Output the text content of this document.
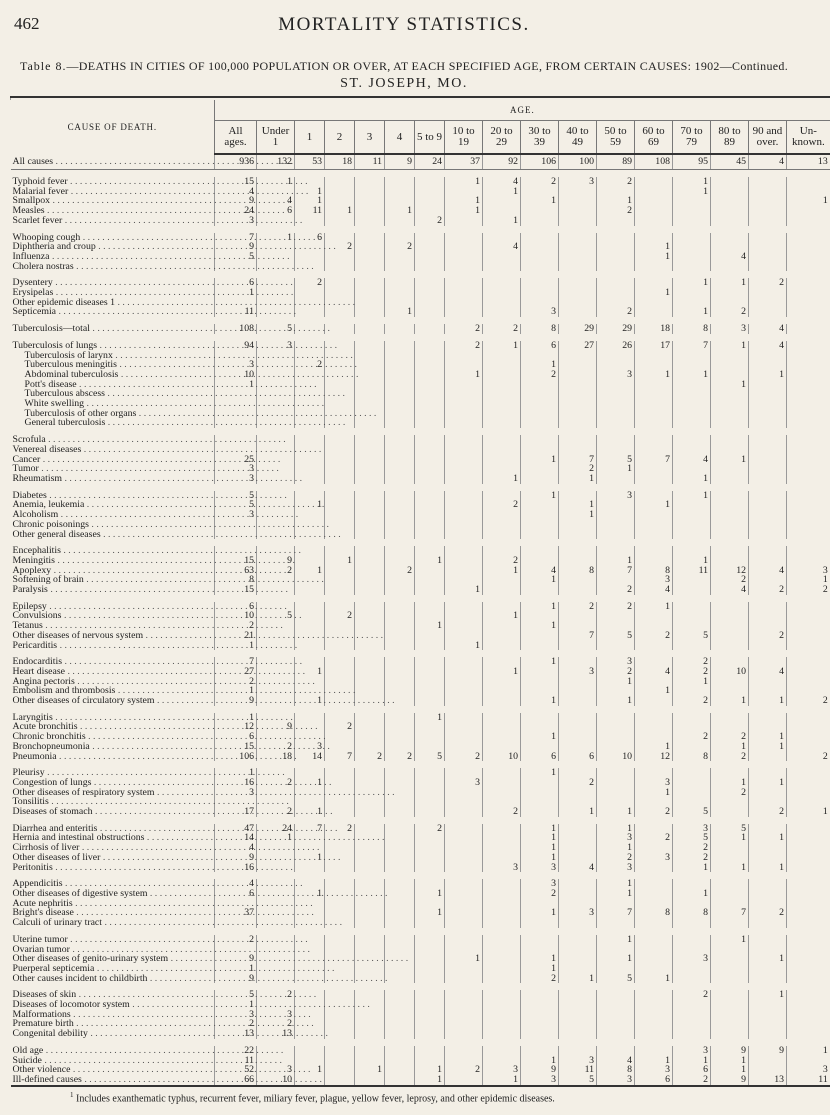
462	MORTALITY STATISTICS.
Table 8.—DEATHS IN CITIES OF 100,000 POPULATION OR OVER, AT EACH SPECIFIED AGE, FROM CERTAIN CAUSES: 1902—Continued.
ST. JOSEPH, MO.

CAUSE OF DEATH.	AGE.																
	All ages.	Under 1	1	2	3	4	5 to 9	10 to 19	20 to 29	30 to 39	40 to 49	50 to 59	60 to 69	70 to 79	80 to 89	90 and over.	Un-known.
All causes . . .	936	132	53	18	11	9	24	37	92	106	100	89	108	95	45	4	13

Typhoid fever . . .	15	1						1	4	2	3	2		1			
Malarial fever . . .	4		1						1					1			
Smallpox . . .	9	4	1					1		1		1					1
Measles . . .	24	6	11	1		1		1				2					
Scarlet fever . . .	3						2		1								

Whooping cough . . .	7	1	6														
Diphtheria and croup . . .	9			2		2			4				1				
Influenza . . .	5												1		4		
Cholera nostras . . .																	

Dysentery . . .	6		2											1	1	2	
Erysipelas . . .	1												1				
Other epidemic diseases 1 . . .																	
Septicemia . . .	11					1				3		2		1	2		

Tuberculosis—total . . .	108	5						2	2	8	29	29	18	8	3	4	

Tuberculosis of lungs . . .	94	3						2	1	6	27	26	17	7	1	4	
Tuberculosis of larynx . . .																	
Tuberculous meningitis . . .	3		2							1							
Abdominal tuberculosis . . .	10							1		2		3	1	1		1	
Pott's disease . . .	1														1		
Tuberculous abscess . . .																	
White swelling . . .																	
Tuberculosis of other organs . . .																	
General tuberculosis . . .																	

Scrofula . . .																	
Venereal diseases . . .																	
Cancer . . .	25									1	7	5	7	4	1		
Tumor . . .	3										2	1					
Rheumatism . . .	3								1		1			1			

Diabetes . . .	5									1		3		1			
Anemia, leukemia . . .	5		1						2		1		1				
Alcoholism . . .	3										1						
Chronic poisonings . . .																	
Other general diseases . . .																	

Encephalitis . . .																	
Meningitis . . .	15	9		1			1		2			1		1			
Apoplexy . . .	63	2	1			2			1	4	8	7	8	11	12	4	3
Softening of brain . . .	8									1			3		2		1
Paralysis . . .	15							1				2	4		4	2	2

Epilepsy . . .	6									1	2	2	1				
Convulsions . . .	10	5		2					1								
Tetanus . . .	2						1			1							
Other diseases of nervous system . . .	21										7	5	2	5		2	
Pericarditis . . .	1							1									

Endocarditis . . .	7									1		3		2			
Heart disease . . .	27		1						1		3	2	4	2	10	4	
Angina pectoris . . .	2											1		1			
Embolism and thrombosis . . .	1												1				
Other diseases of circulatory system . . .	9		1							1		1		2	1	1	2

Laryngitis . . .	1						1										
Acute bronchitis . . .	12	9		2													
Chronic bronchitis . . .	6									1				2	2	1	
Bronchopneumonia . . .	15	2	3										1		1	1	
Pneumonia . . .	106	18	14	7	2	2	5	2	10	6	6	10	12	8	2		2

Pleurisy . . .	1									1							
Congestion of lungs . . .	16	2	1					3			2		3		1	1	
Other diseases of respiratory system . . .	3												1		2		
Tonsilitis . . .																	
Diseases of stomach . . .	17	2	1						2		1	1	2	5		2	1

Diarrhea and enteritis . . .	47	24	7	2			2			1		1		3	5		
Hernia and intestinal obstructions . . .	14	1								1		3	2	5	1	1	
Cirrhosis of liver . . .	4									1		1		2			
Other diseases of liver . . .	9		1							1		2	3	2			
Peritonitis . . .	16								3	3	4	3		1	1	1	

Appendicitis . . .	4									3		1					
Other diseases of digestive system . . .	6		1				1			2		1		1			
Acute nephritis . . .																	
Bright's disease . . .	37						1			1	3	7	8	8	7	2	
Calculi of urinary tract . . .																	

Uterine tumor . . .	2											1			1		
Ovarian tumor . . .																	
Other diseases of genito-urinary system . . .	9							1		1		1		3		1	
Puerperal septicemia . . .	1									1							
Other causes incident to childbirth . . .	9									2	1	5	1				

Diseases of skin . . .	5	2												2		1	
Diseases of locomotor system . . .	1																
Malformations . . .	3	3															
Premature birth . . .	2	2															
Congenital debility . . .	13	13															

Old age . . .	22													3	9	9	1
Suicide . . .	11									1	3	4	1	1	1		
Other violence . . .	52	3	1		1		1	2	3	9	11	8	3	6	1		3
Ill-defined causes . . .	66	10					1		1	3	5	3	6	2	9	13	11
$^1$ Includes exanthematic typhus, recurrent fever, miliary fever, plague, yellow fever, leprosy, and other epidemic diseases.
